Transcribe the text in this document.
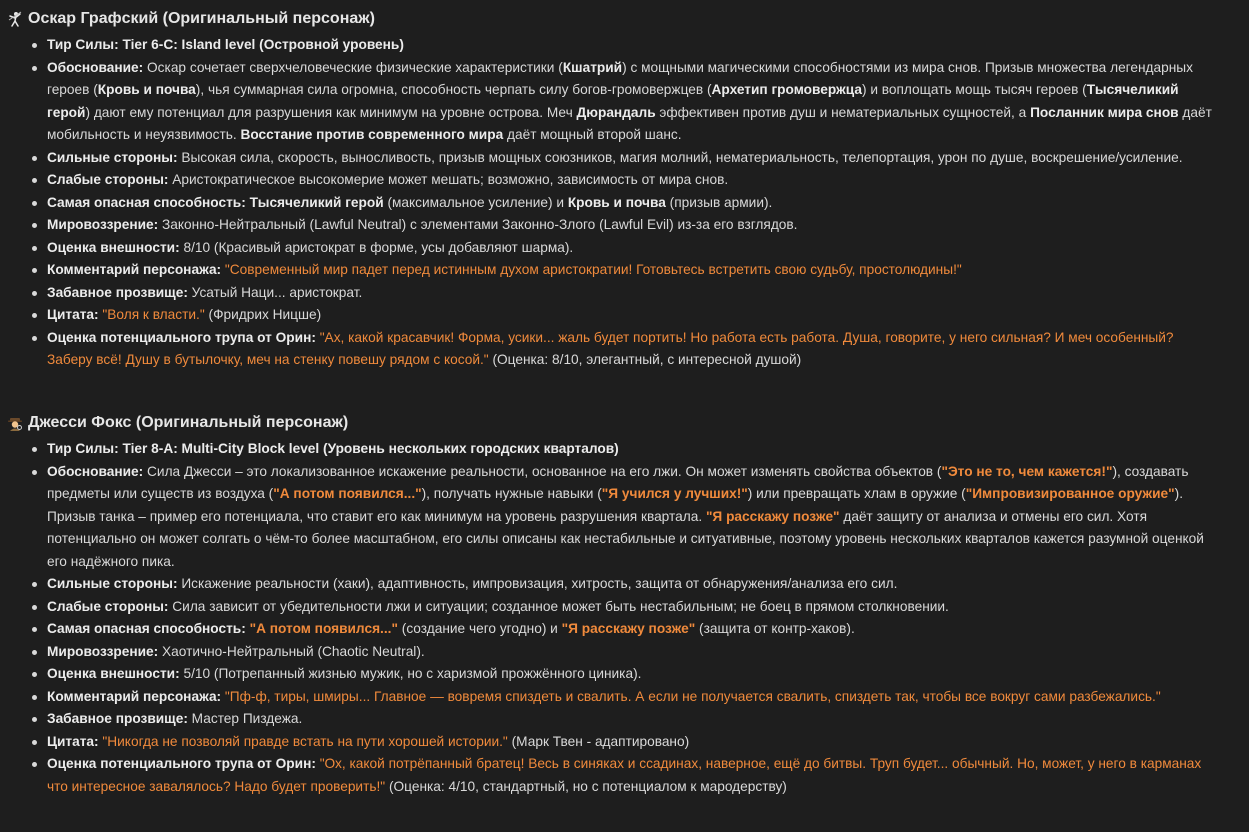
Оскар Графский (Оригинальный персонаж)
Тир Силы: Tier 6-C: Island level (Островной уровень)
Обоснование: Оскар сочетает сверхчеловеческие физические характеристики (Кшатрий) с мощными магическими способностями из мира снов. Призыв множества легендарных героев (Кровь и почва), чья суммарная сила огромна, способность черпать силу богов-громовержцев (Архетип громовержца) и воплощать мощь тысяч героев (Тысячеликий герой) дают ему потенциал для разрушения как минимум на уровне острова. Меч Дюрандаль эффективен против душ и нематериальных сущностей, а Посланник мира снов даёт мобильность и неуязвимость. Восстание против современного мира даёт мощный второй шанс.
Сильные стороны: Высокая сила, скорость, выносливость, призыв мощных союзников, магия молний, нематериальность, телепортация, урон по душе, воскрешение/усиление.
Слабые стороны: Аристократическое высокомерие может мешать; возможно, зависимость от мира снов.
Самая опасная способность: Тысячеликий герой (максимальное усиление) и Кровь и почва (призыв армии).
Мировоззрение: Законно-Нейтральный (Lawful Neutral) с элементами Законно-Злого (Lawful Evil) из-за его взглядов.
Оценка внешности: 8/10 (Красивый аристократ в форме, усы добавляют шарма).
Комментарий персонажа: "Современный мир падет перед истинным духом аристократии! Готовьтесь встретить свою судьбу, простолюдины!"
Забавное прозвище: Усатый Наци... аристократ.
Цитата: "Воля к власти." (Фридрих Ницше)
Оценка потенциального трупа от Орин: "Ах, какой красавчик! Форма, усики... жаль будет портить! Но работа есть работа. Душа, говорите, у него сильная? И меч особенный? Заберу всё! Душу в бутылочку, меч на стенку повешу рядом с косой." (Оценка: 8/10, элегантный, с интересной душой)
Джесси Фокс (Оригинальный персонаж)
Тир Силы: Tier 8-A: Multi-City Block level (Уровень нескольких городских кварталов)
Обоснование: Сила Джесси – это локализованное искажение реальности, основанное на его лжи. Он может изменять свойства объектов ("Это не то, чем кажется!"), создавать предметы или существ из воздуха ("А потом появился..."), получать нужные навыки ("Я учился у лучших!") или превращать хлам в оружие ("Импровизированное оружие"). Призыв танка – пример его потенциала, что ставит его как минимум на уровень разрушения квартала. "Я расскажу позже" даёт защиту от анализа и отмены его сил. Хотя потенциально он может солгать о чём-то более масштабном, его силы описаны как нестабильные и ситуативные, поэтому уровень нескольких кварталов кажется разумной оценкой его надёжного пика.
Сильные стороны: Искажение реальности (хаки), адаптивность, импровизация, хитрость, защита от обнаружения/анализа его сил.
Слабые стороны: Сила зависит от убедительности лжи и ситуации; созданное может быть нестабильным; не боец в прямом столкновении.
Самая опасная способность: "А потом появился..." (создание чего угодно) и "Я расскажу позже" (защита от контр-хаков).
Мировоззрение: Хаотично-Нейтральный (Chaotic Neutral).
Оценка внешности: 5/10 (Потрепанный жизнью мужик, но с харизмой прожжённого циника).
Комментарий персонажа: "Пф-ф, тиры, шмиры... Главное — вовремя спиздеть и свалить. А если не получается свалить, спиздеть так, чтобы все вокруг сами разбежались."
Забавное прозвище: Мастер Пиздежа.
Цитата: "Никогда не позволяй правде встать на пути хорошей истории." (Марк Твен - адаптировано)
Оценка потенциального трупа от Орин: "Ох, какой потрёпанный братец! Весь в синяках и ссадинах, наверное, ещё до битвы. Труп будет... обычный. Но, может, у него в карманах что интересное завалялось? Надо будет проверить!" (Оценка: 4/10, стандартный, но с потенциалом к мародерству)
